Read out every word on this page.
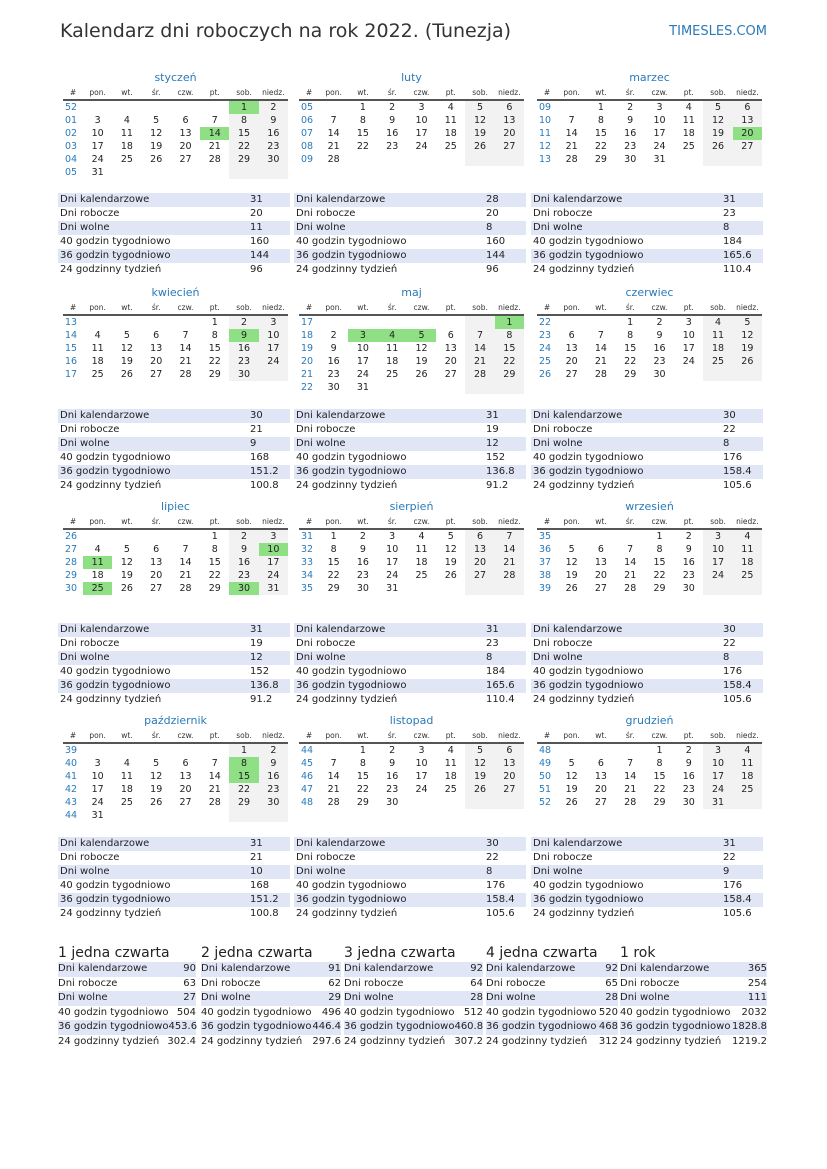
Kalendarz dni roboczych na rok 2022. (Tunezja)	TIMESLES.COM
styczeń
#	pon.	wt.	śr.	czw.	pt.	sob.	niedz.
52						1	2
01	3	4	5	6	7	8	9
02	10	11	12	13	14	15	16
03	17	18	19	20	21	22	23
04	24	25	26	27	28	29	30
05	31						
Dni kalendarzowe	31
Dni robocze	20
Dni wolne	11
40 godzin tygodniowo	160
36 godzin tygodniowo	144
24 godzinny tydzień	96
luty
#	pon.	wt.	śr.	czw.	pt.	sob.	niedz.
05		1	2	3	4	5	6
06	7	8	9	10	11	12	13
07	14	15	16	17	18	19	20
08	21	22	23	24	25	26	27
09	28						
Dni kalendarzowe	28
Dni robocze	20
Dni wolne	8
40 godzin tygodniowo	160
36 godzin tygodniowo	144
24 godzinny tydzień	96
marzec
#	pon.	wt.	śr.	czw.	pt.	sob.	niedz.
09		1	2	3	4	5	6
10	7	8	9	10	11	12	13
11	14	15	16	17	18	19	20
12	21	22	23	24	25	26	27
13	28	29	30	31			
Dni kalendarzowe	31
Dni robocze	23
Dni wolne	8
40 godzin tygodniowo	184
36 godzin tygodniowo	165.6
24 godzinny tydzień	110.4
kwiecień
#	pon.	wt.	śr.	czw.	pt.	sob.	niedz.
13					1	2	3
14	4	5	6	7	8	9	10
15	11	12	13	14	15	16	17
16	18	19	20	21	22	23	24
17	25	26	27	28	29	30	
Dni kalendarzowe	30
Dni robocze	21
Dni wolne	9
40 godzin tygodniowo	168
36 godzin tygodniowo	151.2
24 godzinny tydzień	100.8
maj
#	pon.	wt.	śr.	czw.	pt.	sob.	niedz.
17							1
18	2	3	4	5	6	7	8
19	9	10	11	12	13	14	15
20	16	17	18	19	20	21	22
21	23	24	25	26	27	28	29
22	30	31					
Dni kalendarzowe	31
Dni robocze	19
Dni wolne	12
40 godzin tygodniowo	152
36 godzin tygodniowo	136.8
24 godzinny tydzień	91.2
czerwiec
#	pon.	wt.	śr.	czw.	pt.	sob.	niedz.
22			1	2	3	4	5
23	6	7	8	9	10	11	12
24	13	14	15	16	17	18	19
25	20	21	22	23	24	25	26
26	27	28	29	30			
Dni kalendarzowe	30
Dni robocze	22
Dni wolne	8
40 godzin tygodniowo	176
36 godzin tygodniowo	158.4
24 godzinny tydzień	105.6
lipiec
#	pon.	wt.	śr.	czw.	pt.	sob.	niedz.
26					1	2	3
27	4	5	6	7	8	9	10
28	11	12	13	14	15	16	17
29	18	19	20	21	22	23	24
30	25	26	27	28	29	30	31
Dni kalendarzowe	31
Dni robocze	19
Dni wolne	12
40 godzin tygodniowo	152
36 godzin tygodniowo	136.8
24 godzinny tydzień	91.2
sierpień
#	pon.	wt.	śr.	czw.	pt.	sob.	niedz.
31	1	2	3	4	5	6	7
32	8	9	10	11	12	13	14
33	15	16	17	18	19	20	21
34	22	23	24	25	26	27	28
35	29	30	31				
Dni kalendarzowe	31
Dni robocze	23
Dni wolne	8
40 godzin tygodniowo	184
36 godzin tygodniowo	165.6
24 godzinny tydzień	110.4
wrzesień
#	pon.	wt.	śr.	czw.	pt.	sob.	niedz.
35				1	2	3	4
36	5	6	7	8	9	10	11
37	12	13	14	15	16	17	18
38	19	20	21	22	23	24	25
39	26	27	28	29	30		
Dni kalendarzowe	30
Dni robocze	22
Dni wolne	8
40 godzin tygodniowo	176
36 godzin tygodniowo	158.4
24 godzinny tydzień	105.6
październik
#	pon.	wt.	śr.	czw.	pt.	sob.	niedz.
39						1	2
40	3	4	5	6	7	8	9
41	10	11	12	13	14	15	16
42	17	18	19	20	21	22	23
43	24	25	26	27	28	29	30
44	31						
Dni kalendarzowe	31
Dni robocze	21
Dni wolne	10
40 godzin tygodniowo	168
36 godzin tygodniowo	151.2
24 godzinny tydzień	100.8
listopad
#	pon.	wt.	śr.	czw.	pt.	sob.	niedz.
44		1	2	3	4	5	6
45	7	8	9	10	11	12	13
46	14	15	16	17	18	19	20
47	21	22	23	24	25	26	27
48	28	29	30				
Dni kalendarzowe	30
Dni robocze	22
Dni wolne	8
40 godzin tygodniowo	176
36 godzin tygodniowo	158.4
24 godzinny tydzień	105.6
grudzień
#	pon.	wt.	śr.	czw.	pt.	sob.	niedz.
48				1	2	3	4
49	5	6	7	8	9	10	11
50	12	13	14	15	16	17	18
51	19	20	21	22	23	24	25
52	26	27	28	29	30	31	
Dni kalendarzowe	31
Dni robocze	22
Dni wolne	9
40 godzin tygodniowo	176
36 godzin tygodniowo	158.4
24 godzinny tydzień	105.6
1 jedna czwarta
Dni kalendarzowe	90
Dni robocze	63
Dni wolne	27
40 godzin tygodniowo 504
36 godzin tygodniowo 453.6
24 godzinny tydzień 302.4
2 jedna czwarta
Dni kalendarzowe	91
Dni robocze	62
Dni wolne	29
40 godzin tygodniowo	496
36 godzin tygodniowo 446.4
24 godzinny tydzień	297.6
3 jedna czwarta
Dni kalendarzowe	92
Dni robocze	64
Dni wolne	28
40 godzin tygodniowo 512
36 godzin tygodniowo 460.8
24 godzinny tydzień 307.2
4 jedna czwarta
Dni kalendarzowe	92
Dni robocze	65
Dni wolne	28
40 godzin tygodniowo 520
36 godzin tygodniowo 468
24 godzinny tydzień	312
1 rok
Dni kalendarzowe	365
Dni robocze	254
Dni wolne	111
40 godzin tygodniowo	2032
36 godzin tygodniowo 1828.8
24 godzinny tydzień	1219.2
